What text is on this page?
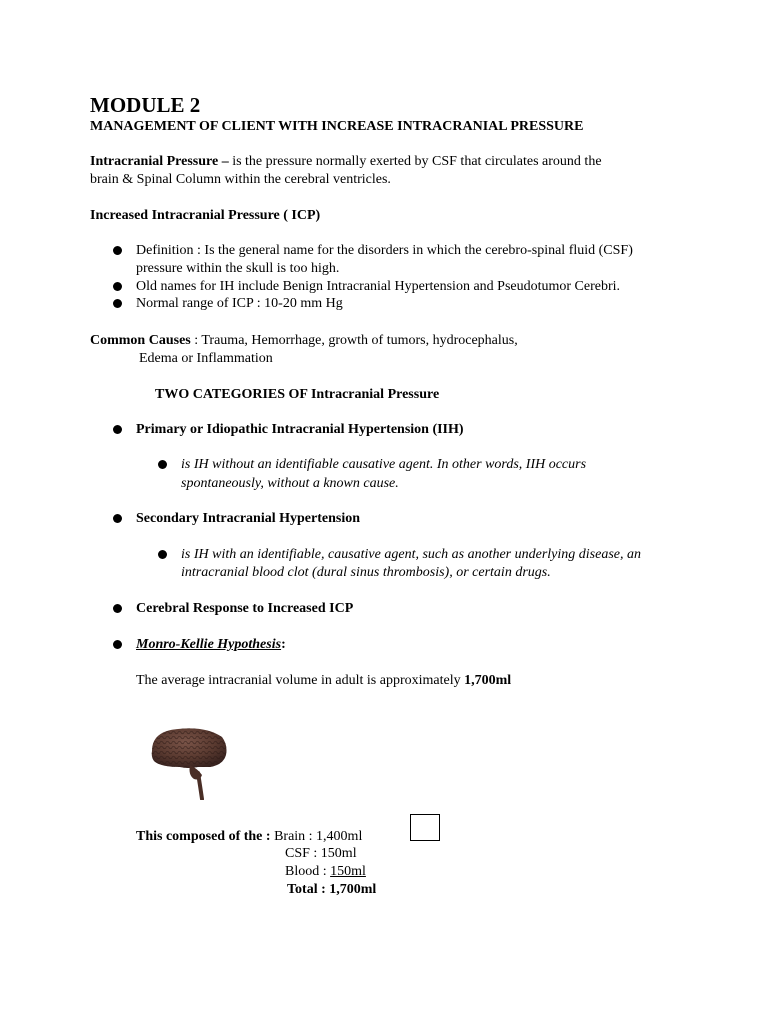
MODULE 2
MANAGEMENT OF CLIENT WITH INCREASE INTRACRANIAL PRESSURE
Intracranial Pressure – is the pressure normally exerted by CSF that circulates around the
brain & Spinal Column within the cerebral ventricles.
Increased Intracranial Pressure ( ICP)
Definition : Is the general name for the disorders in which the cerebro-spinal fluid (CSF)
pressure within the skull is too high.
Old names for IH include Benign Intracranial Hypertension and Pseudotumor Cerebri.
Normal range of ICP : 10-20 mm Hg
Common Causes : Trauma, Hemorrhage, growth of tumors, hydrocephalus,
Edema or Inflammation
TWO CATEGORIES OF Intracranial Pressure
Primary or Idiopathic Intracranial Hypertension (IIH)
is IH without an identifiable causative agent. In other words, IIH occurs
spontaneously, without a known cause.
Secondary Intracranial Hypertension
is IH with an identifiable, causative agent, such as another underlying disease, an
intracranial blood clot (dural sinus thrombosis), or certain drugs.
Cerebral Response to Increased ICP
Monro-Kellie Hypothesis:
The average intracranial volume in adult is approximately 1,700ml
This composed of the : Brain : 1,400ml
CSF : 150ml
Blood : 150ml
Total : 1,700ml
